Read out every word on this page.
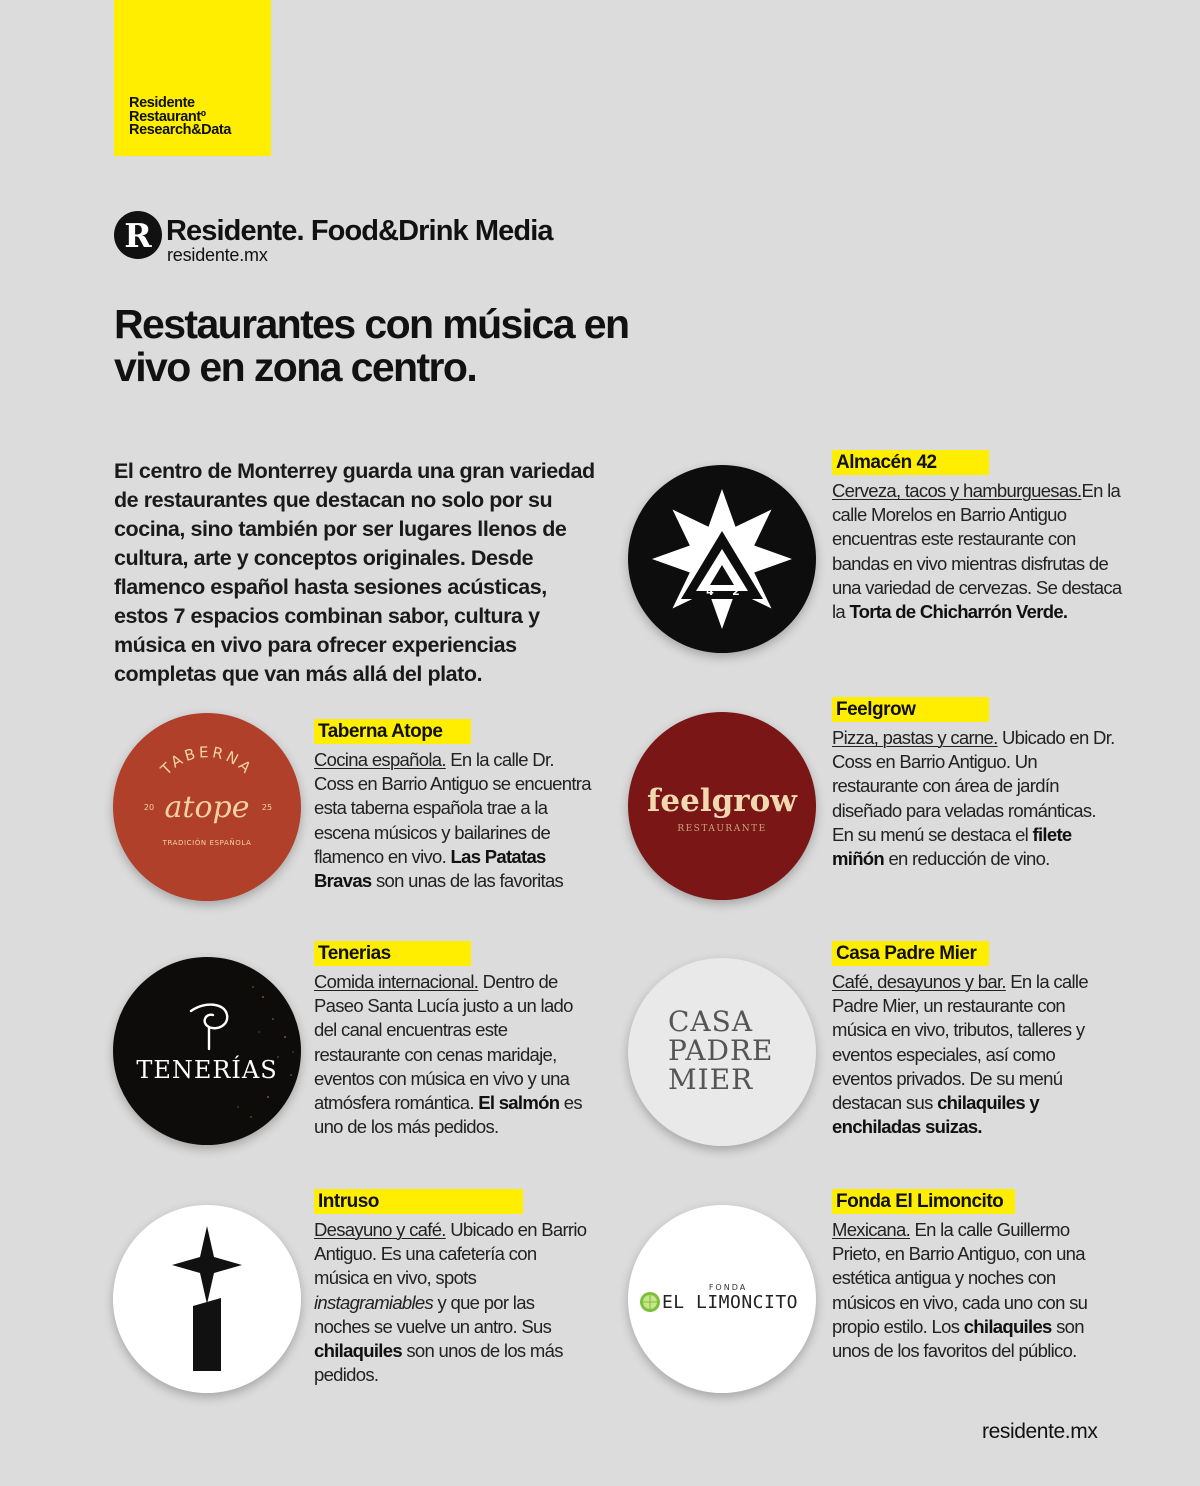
Residente
Restaurantº
Research&Data
R Residente. Food&Drink Media
residente.mx
Restaurantes con música en vivo en zona centro.

El centro de Monterrey guarda una gran variedad de restaurantes que destacan no solo por su cocina, sino también por ser lugares llenos de cultura, arte y conceptos originales. Desde flamenco español hasta sesiones acústicas, estos 7 espacios combinan sabor, cultura y música en vivo para ofrecer experiencias completas que van más allá del plato.

4 2
Almacén 42
Cerveza, tacos y hamburguesas.En la calle Morelos en Barrio Antiguo encuentras este restaurante con bandas en vivo mientras disfrutas de una variedad de cervezas. Se destaca la Torta de Chicharrón Verde.
TABERNA
atope
20	25
TRADICIÓN ESPAÑOLA
Taberna Atope
Cocina española. En la calle Dr. Coss en Barrio Antiguo se encuentra esta taberna española trae a la escena músicos y bailarines de flamenco en vivo. Las Patatas Bravas son unas de las favoritas
feelgrow
RESTAURANTE
Feelgrow
Pizza, pastas y carne. Ubicado en Dr. Coss en Barrio Antiguo. Un restaurante con área de jardín diseñado para veladas románticas. En su menú se destaca el filete miñón en reducción de vino.
TENERÍAS
Tenerias
Comida internacional. Dentro de Paseo Santa Lucía justo a un lado del canal encuentras este restaurante con cenas maridaje, eventos con música en vivo y una atmósfera romántica. El salmón es uno de los más pedidos.
CASA
PADRE
MIER
Casa Padre Mier
Café, desayunos y bar. En la calle Padre Mier, un restaurante con música en vivo, tributos, talleres y eventos especiales, así como eventos privados. De su menú destacan sus chilaquiles y enchiladas suizas.
Intruso
Desayuno y café. Ubicado en Barrio Antiguo. Es una cafetería con música en vivo, spots instagramiables y que por las noches se vuelve un antro. Sus chilaquiles son unos de los más pedidos.
FONDA
EL LIMONCITO
Fonda El Limoncito
Mexicana. En la calle Guillermo Prieto, en Barrio Antiguo, con una estética antigua y noches con músicos en vivo, cada uno con su propio estilo. Los chilaquiles son unos de los favoritos del público.
residente.mx
